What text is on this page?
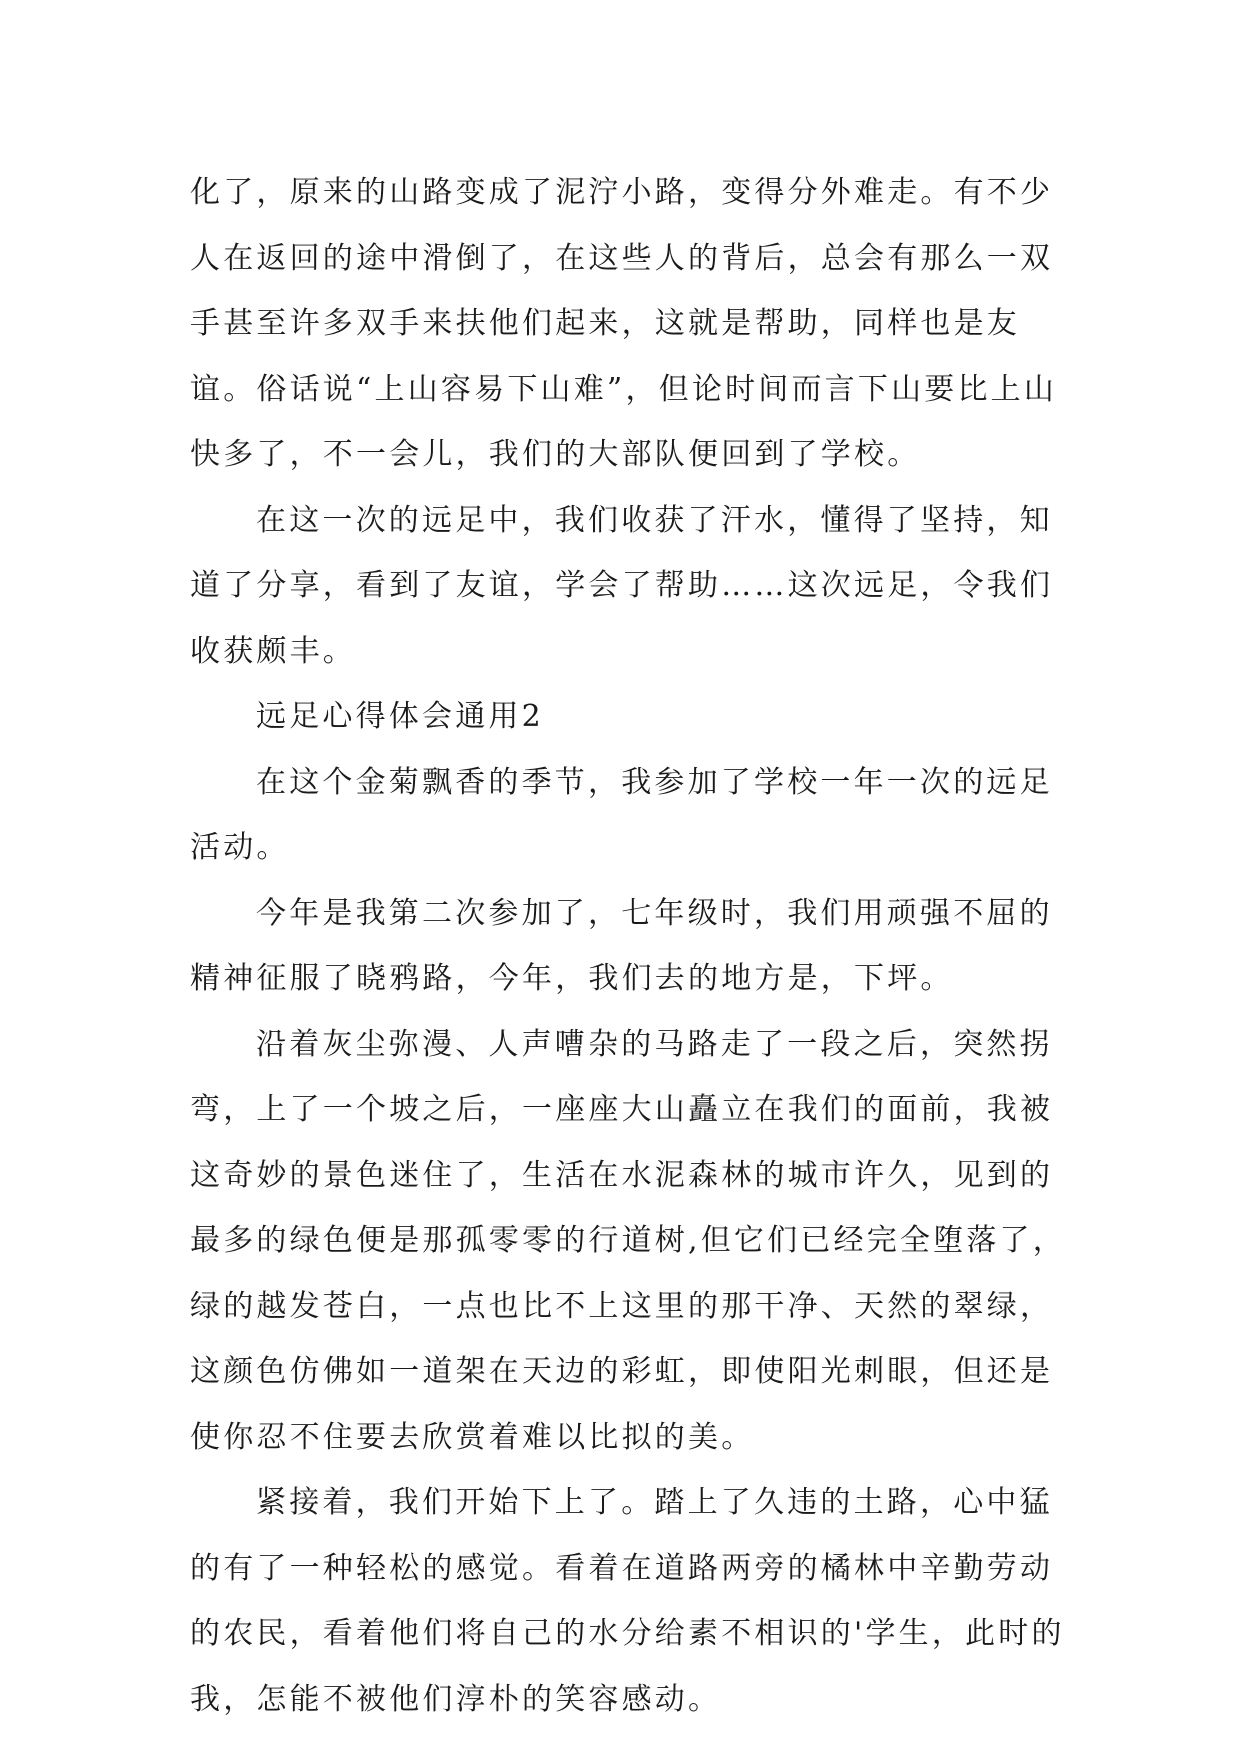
化了，原来的山路变成了泥泞小路，变得分外难走。有不少人在返回的途中滑倒了，在这些人的背后，总会有那么一双手甚至许多双手来扶他们起来，这就是帮助，同样也是友谊。俗话说“上山容易下山难”，但论时间而言下山要比上山快多了，不一会儿，我们的大部队便回到了学校。

在这一次的远足中，我们收获了汗水，懂得了坚持，知道了分享，看到了友谊，学会了帮助……这次远足，令我们收获颇丰。

远足心得体会通用2

在这个金菊飘香的季节，我参加了学校一年一次的远足活动。

今年是我第二次参加了，七年级时，我们用顽强不屈的精神征服了晓鸦路，今年，我们去的地方是，下坪。

沿着灰尘弥漫、人声嘈杂的马路走了一段之后，突然拐弯，上了一个坡之后，一座座大山矗立在我们的面前，我被这奇妙的景色迷住了，生活在水泥森林的城市许久，见到的最多的绿色便是那孤零零的行道树,但它们已经完全堕落了，绿的越发苍白，一点也比不上这里的那干净、天然的翠绿，这颜色仿佛如一道架在天边的彩虹，即使阳光刺眼，但还是使你忍不住要去欣赏着难以比拟的美。

紧接着，我们开始下上了。踏上了久违的土路，心中猛的有了一种轻松的感觉。看着在道路两旁的橘林中辛勤劳动的农民，看着他们将自己的水分给素不相识的'学生，此时的我，怎能不被他们淳朴的笑容感动。
